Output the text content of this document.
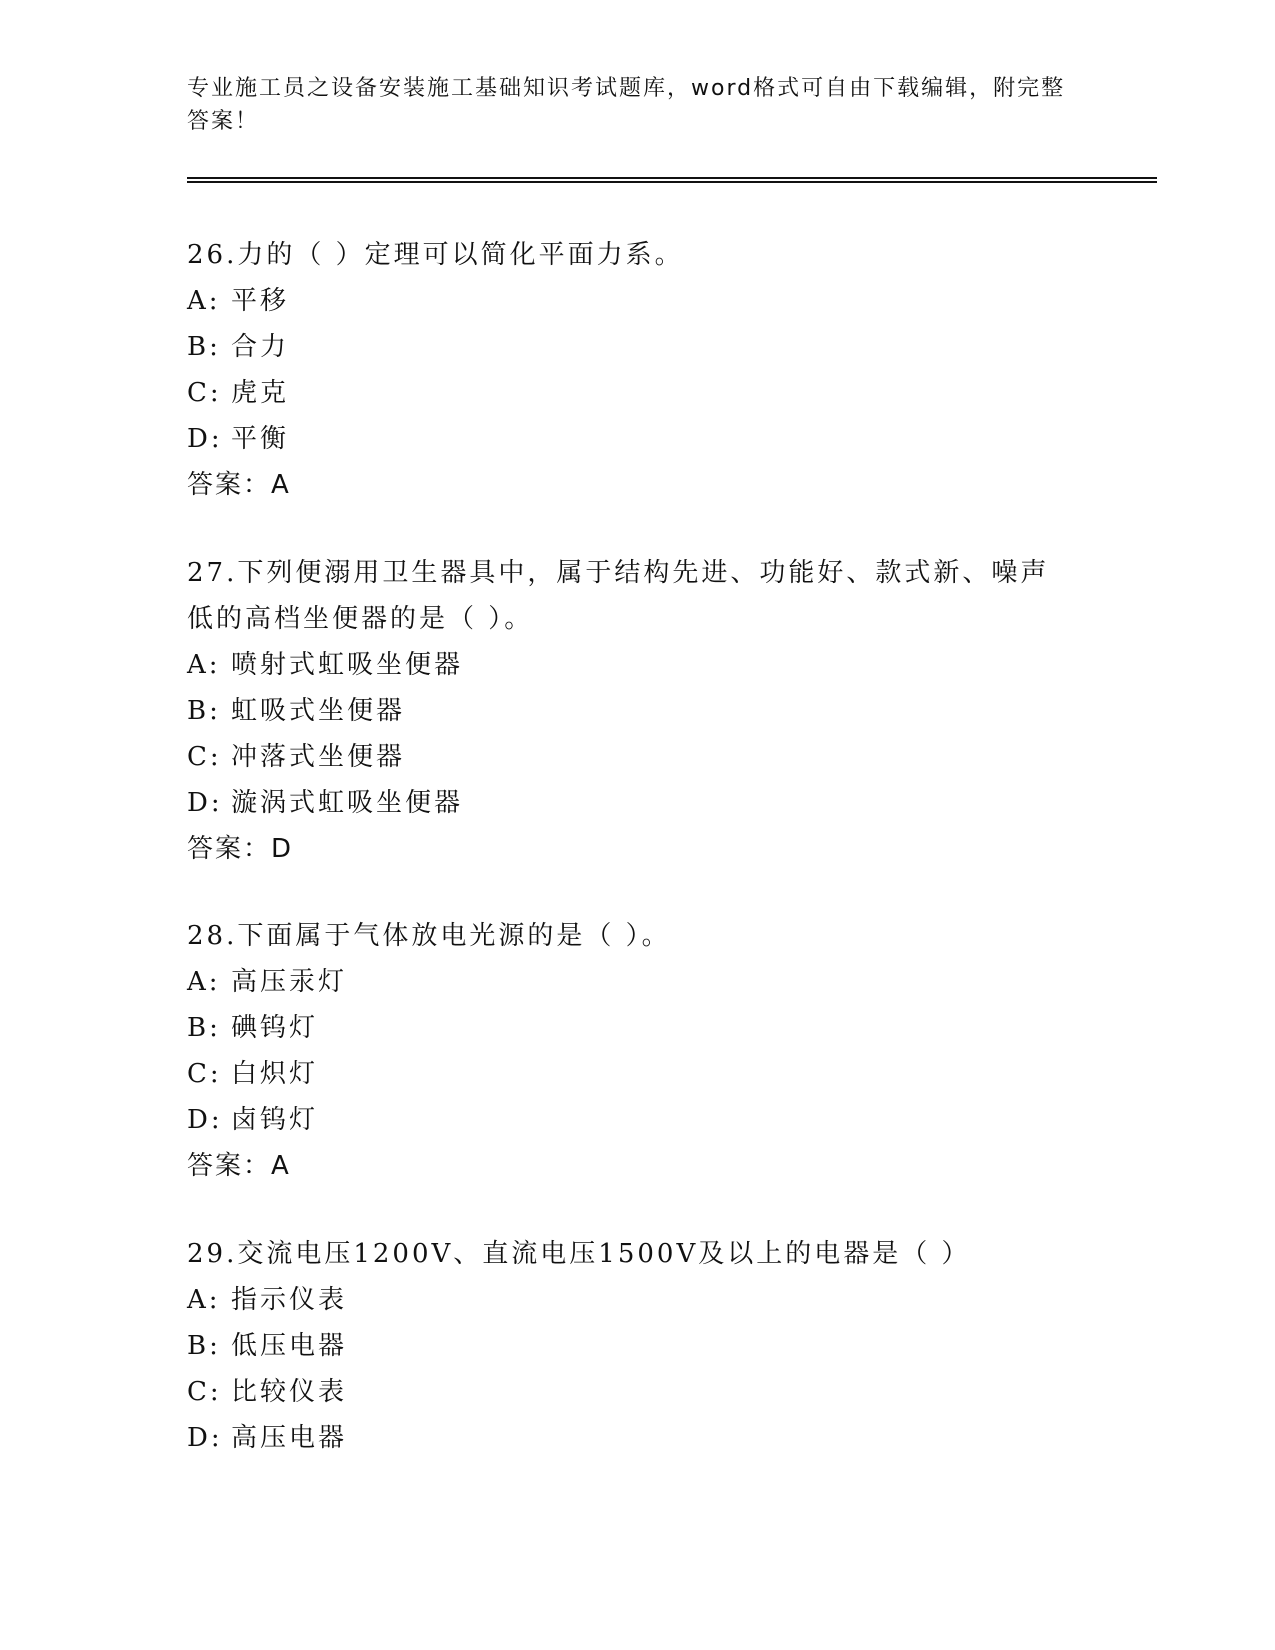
专业施工员之设备安装施工基础知识考试题库，word格式可自由下载编辑，附完整答案！
26.力的（ ）定理可以简化平面力系。
A: 平移
B: 合力
C: 虎克
D: 平衡
答案：A
27.下列便溺用卫生器具中，属于结构先进、功能好、款式新、噪声低的高档坐便器的是（ ）。
A: 喷射式虹吸坐便器
B: 虹吸式坐便器
C: 冲落式坐便器
D: 漩涡式虹吸坐便器
答案：D
28.下面属于气体放电光源的是（ ）。
A: 高压汞灯
B: 碘钨灯
C: 白炽灯
D: 卤钨灯
答案：A
29.交流电压1200V、直流电压1500V及以上的电器是（ ）
A: 指示仪表
B: 低压电器
C: 比较仪表
D: 高压电器
